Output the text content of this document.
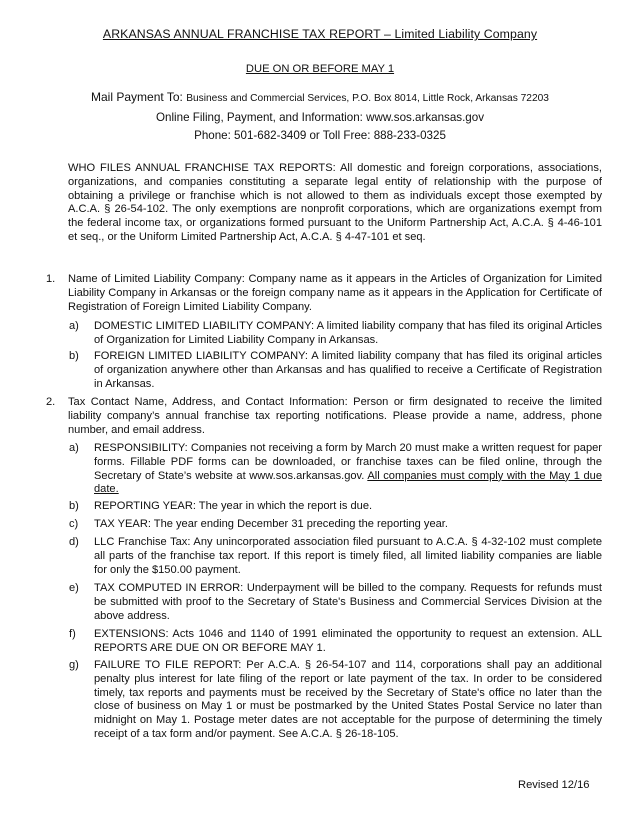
ARKANSAS ANNUAL FRANCHISE TAX REPORT – Limited Liability Company
DUE ON OR BEFORE MAY 1
Mail Payment To: Business and Commercial Services, P.O. Box 8014, Little Rock, Arkansas 72203
Online Filing, Payment, and Information: www.sos.arkansas.gov
Phone: 501-682-3409 or Toll Free: 888-233-0325
WHO FILES ANNUAL FRANCHISE TAX REPORTS: All domestic and foreign corporations, associations, organizations, and companies constituting a separate legal entity of relationship with the purpose of obtaining a privilege or franchise which is not allowed to them as individuals except those exempted by A.C.A. § 26-54-102. The only exemptions are nonprofit corporations, which are organizations exempt from the federal income tax, or organizations formed pursuant to the Uniform Partnership Act, A.C.A. § 4-46-101 et seq., or the Uniform Limited Partnership Act, A.C.A. § 4-47-101 et seq.
1. Name of Limited Liability Company: Company name as it appears in the Articles of Organization for Limited Liability Company in Arkansas or the foreign company name as it appears in the Application for Certificate of Registration of Foreign Limited Liability Company.
a) DOMESTIC LIMITED LIABILITY COMPANY: A limited liability company that has filed its original Articles of Organization for Limited Liability Company in Arkansas.
b) FOREIGN LIMITED LIABILITY COMPANY: A limited liability company that has filed its original articles of organization anywhere other than Arkansas and has qualified to receive a Certificate of Registration in Arkansas.
2. Tax Contact Name, Address, and Contact Information: Person or firm designated to receive the limited liability company’s annual franchise tax reporting notifications. Please provide a name, address, phone number, and email address.
a) RESPONSIBILITY: Companies not receiving a form by March 20 must make a written request for paper forms. Fillable PDF forms can be downloaded, or franchise taxes can be filed online, through the Secretary of State’s website at www.sos.arkansas.gov. All companies must comply with the May 1 due date.
b) REPORTING YEAR: The year in which the report is due.
c) TAX YEAR: The year ending December 31 preceding the reporting year.
d) LLC Franchise Tax: Any unincorporated association filed pursuant to A.C.A. § 4-32-102 must complete all parts of the franchise tax report. If this report is timely filed, all limited liability companies are liable for only the $150.00 payment.
e) TAX COMPUTED IN ERROR: Underpayment will be billed to the company. Requests for refunds must be submitted with proof to the Secretary of State's Business and Commercial Services Division at the above address.
f) EXTENSIONS: Acts 1046 and 1140 of 1991 eliminated the opportunity to request an extension. ALL REPORTS ARE DUE ON OR BEFORE MAY 1.
g) FAILURE TO FILE REPORT: Per A.C.A. § 26-54-107 and 114, corporations shall pay an additional penalty plus interest for late filing of the report or late payment of the tax. In order to be considered timely, tax reports and payments must be received by the Secretary of State's office no later than the close of business on May 1 or must be postmarked by the United States Postal Service no later than midnight on May 1. Postage meter dates are not acceptable for the purpose of determining the timely receipt of a tax form and/or payment. See A.C.A. § 26-18-105.
Revised 12/16
